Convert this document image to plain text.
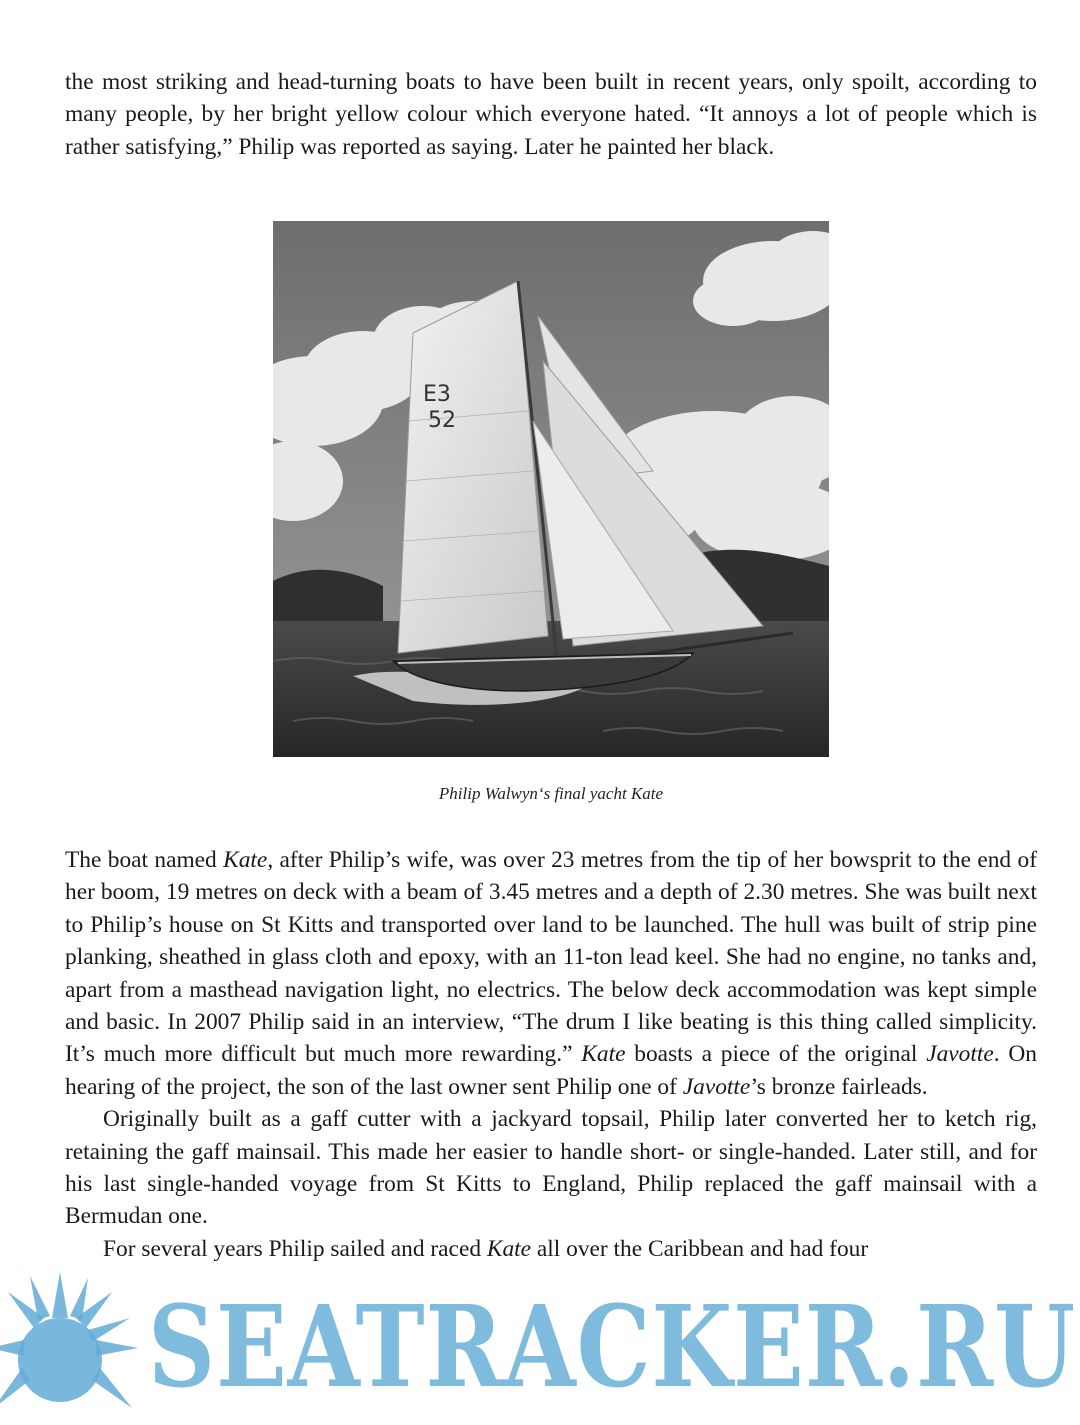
the most striking and head-turning boats to have been built in recent years, only spoilt, according to many people, by her bright yellow colour which everyone hated. “It annoys a lot of people which is rather satisfying,” Philip was reported as saying. Later he painted her black.

E3
52
Philip Walwyn‘s final yacht Kate

The boat named Kate, after Philip’s wife, was over 23 metres from the tip of her bowsprit to the end of her boom, 19 metres on deck with a beam of 3.45 metres and a depth of 2.30 metres. She was built next to Philip’s house on St Kitts and transported over land to be launched. The hull was built of strip pine planking, sheathed in glass cloth and epoxy, with an 11-ton lead keel. She had no engine, no tanks and, apart from a masthead navigation light, no electrics. The below deck accommodation was kept simple and basic. In 2007 Philip said in an interview, “The drum I like beating is this thing called simplicity. It’s much more difficult but much more rewarding.” Kate boasts a piece of the original Javotte. On hearing of the project, the son of the last owner sent Philip one of Javotte’s bronze fairleads.

Originally built as a gaff cutter with a jackyard topsail, Philip later converted her to ketch rig, retaining the gaff mainsail. This made her easier to handle short- or single-handed. Later still, and for his last single-handed voyage from St Kitts to England, Philip replaced the gaff mainsail with a Bermudan one.

For several years Philip sailed and raced Kate all over the Caribbean and had four

SEATRACKER.RU
